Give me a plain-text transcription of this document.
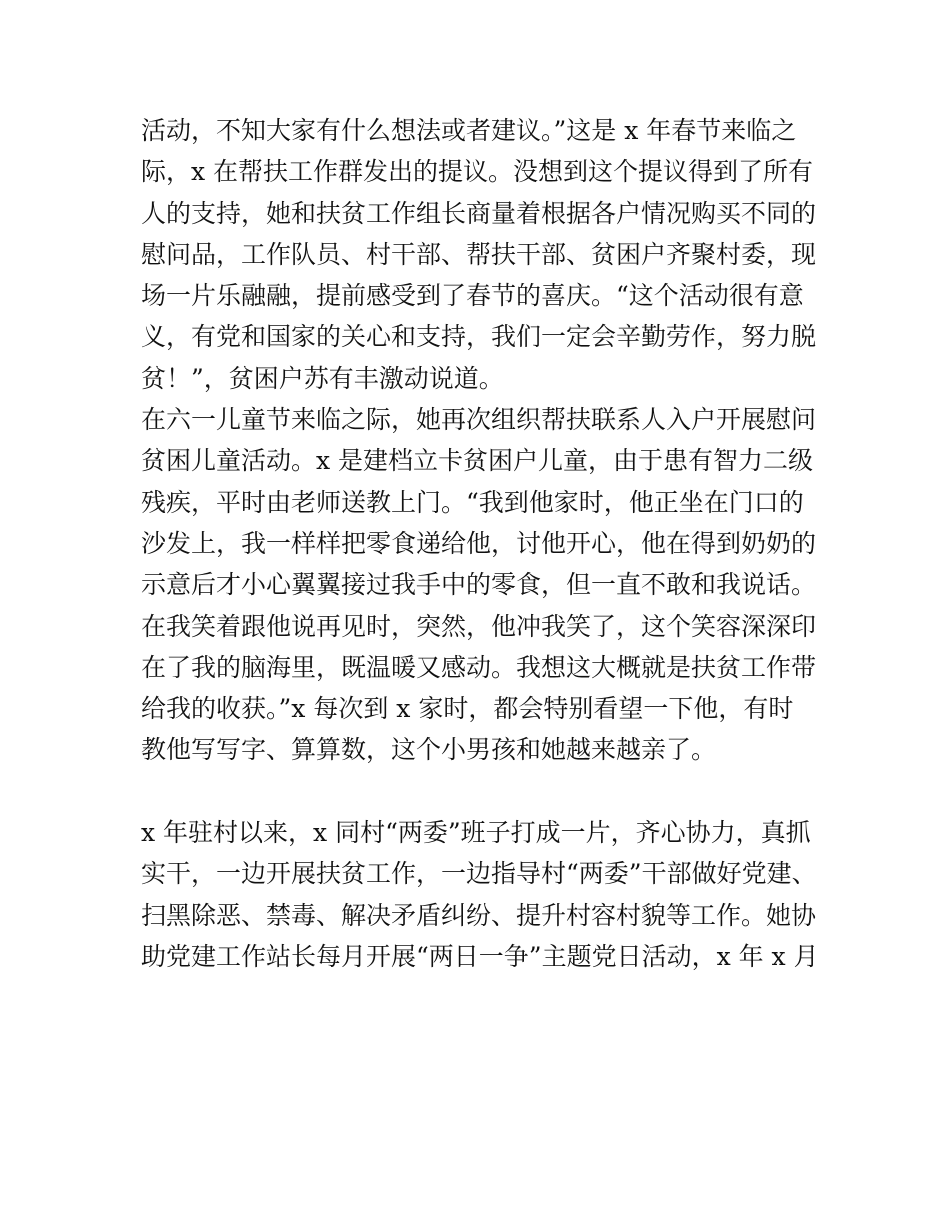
活动，不知大家有什么想法或者建议。”这是 x 年春节来临之
际，x 在帮扶工作群发出的提议。没想到这个提议得到了所有
人的支持，她和扶贫工作组长商量着根据各户情况购买不同的
慰问品，工作队员、村干部、帮扶干部、贫困户齐聚村委，现
场一片乐融融，提前感受到了春节的喜庆。“这个活动很有意
义，有党和国家的关心和支持，我们一定会辛勤劳作，努力脱
贫！”，贫困户苏有丰激动说道。
在六一儿童节来临之际，她再次组织帮扶联系人入户开展慰问
贫困儿童活动。x 是建档立卡贫困户儿童，由于患有智力二级
残疾，平时由老师送教上门。“我到他家时，他正坐在门口的
沙发上，我一样样把零食递给他，讨他开心，他在得到奶奶的
示意后才小心翼翼接过我手中的零食，但一直不敢和我说话。
在我笑着跟他说再见时，突然，他冲我笑了，这个笑容深深印
在了我的脑海里，既温暖又感动。我想这大概就是扶贫工作带
给我的收获。”x 每次到 x 家时，都会特别看望一下他，有时
教他写写字、算算数，这个小男孩和她越来越亲了。
x 年驻村以来，x 同村“两委”班子打成一片，齐心协力，真抓
实干，一边开展扶贫工作，一边指导村“两委”干部做好党建、
扫黑除恶、禁毒、解决矛盾纠纷、提升村容村貌等工作。她协
助党建工作站长每月开展“两日一争”主题党日活动，x 年 x 月
